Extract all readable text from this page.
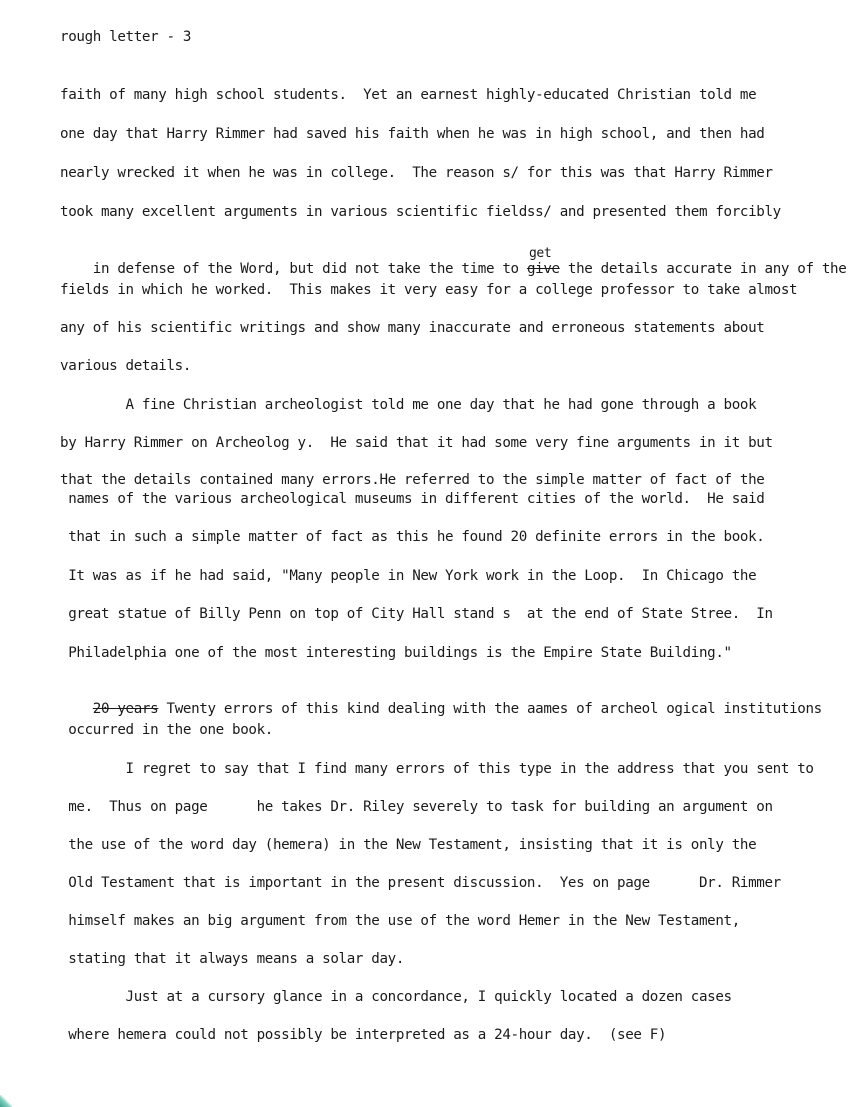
rough letter - 3
faith of many high school students.  Yet an earnest highly-educated Christian told me
one day that Harry Rimmer had saved his faith when he was in high school, and then had
nearly wrecked it when he was in college.  The reason s/ for this was that Harry Rimmer
took many excellent arguments in various scientific fieldss/ and presented them forcibly

in defense of the Word, but did not take the time to give
get
the details accurate in any of the

fields in which he worked.  This makes it very easy for a college professor to take almost
any of his scientific writings and show many inaccurate and erroneous statements about
various details.
A fine Christian archeologist told me one day that he had gone through a book
by Harry Rimmer on Archeolog y.  He said that it had some very fine arguments in it but
that the details contained many errors.He referred to the simple matter of fact of the
names of the various archeological museums in different cities of the world.  He said
that in such a simple matter of fact as this he found 20 definite errors in the book.
It was as if he had said, "Many people in New York work in the Loop.  In Chicago the
great statue of Billy Penn on top of City Hall stand s  at the end of State Stree.  In
Philadelphia one of the most interesting buildings is the Empire State Building."

20 years Twenty errors of this kind dealing with the aames of archeol ogical institutions

occurred in the one book.
I regret to say that I find many errors of this type in the address that you sent to
me.  Thus on page      he takes Dr. Riley severely to task for building an argument on
the use of the word day (hemera) in the New Testament, insisting that it is only the
Old Testament that is important in the present discussion.  Yes on page      Dr. Rimmer
himself makes an big argument from the use of the word Hemer in the New Testament,
stating that it always means a solar day.
Just at a cursory glance in a concordance, I quickly located a dozen cases
where hemera could not possibly be interpreted as a 24-hour day.  (see F)
